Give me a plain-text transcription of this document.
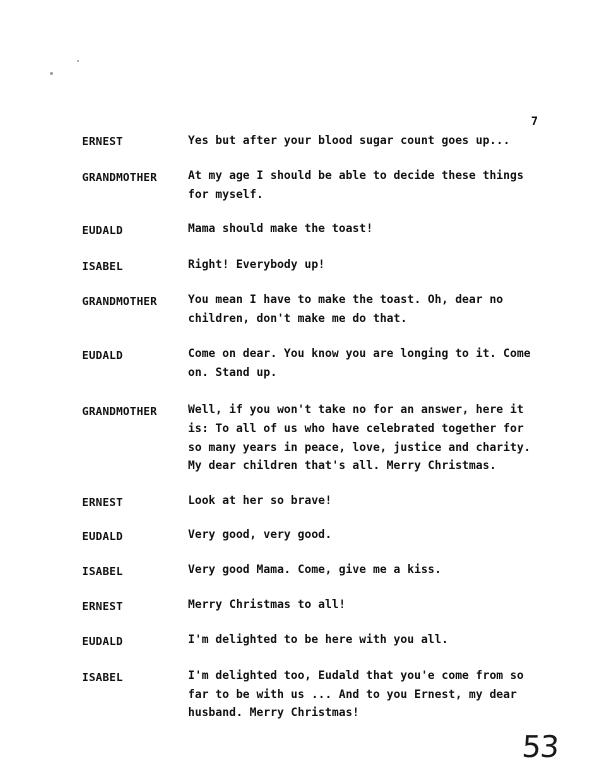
7
ERNEST	Yes but after your blood sugar count goes up...
GRANDMOTHER	At my age I should be able to decide these things
for myself.
EUDALD	Mama should make the toast!
ISABEL	Right! Everybody up!
GRANDMOTHER	You mean I have to make the toast. Oh, dear no
children, don't make me do that.
EUDALD	Come on dear. You know you are longing to it. Come
on. Stand up.
GRANDMOTHER	Well, if you won't take no for an answer, here it
is: To all of us who have celebrated together for
so many years in peace, love, justice and charity.
My dear children that's all. Merry Christmas.
ERNEST	Look at her so brave!
EUDALD	Very good, very good.
ISABEL	Very good Mama. Come, give me a kiss.
ERNEST	Merry Christmas to all!
EUDALD	I'm delighted to be here with you all.
ISABEL	I'm delighted too, Eudald that you'e come from so
far to be with us ... And to you Ernest, my dear
husband. Merry Christmas!
53
